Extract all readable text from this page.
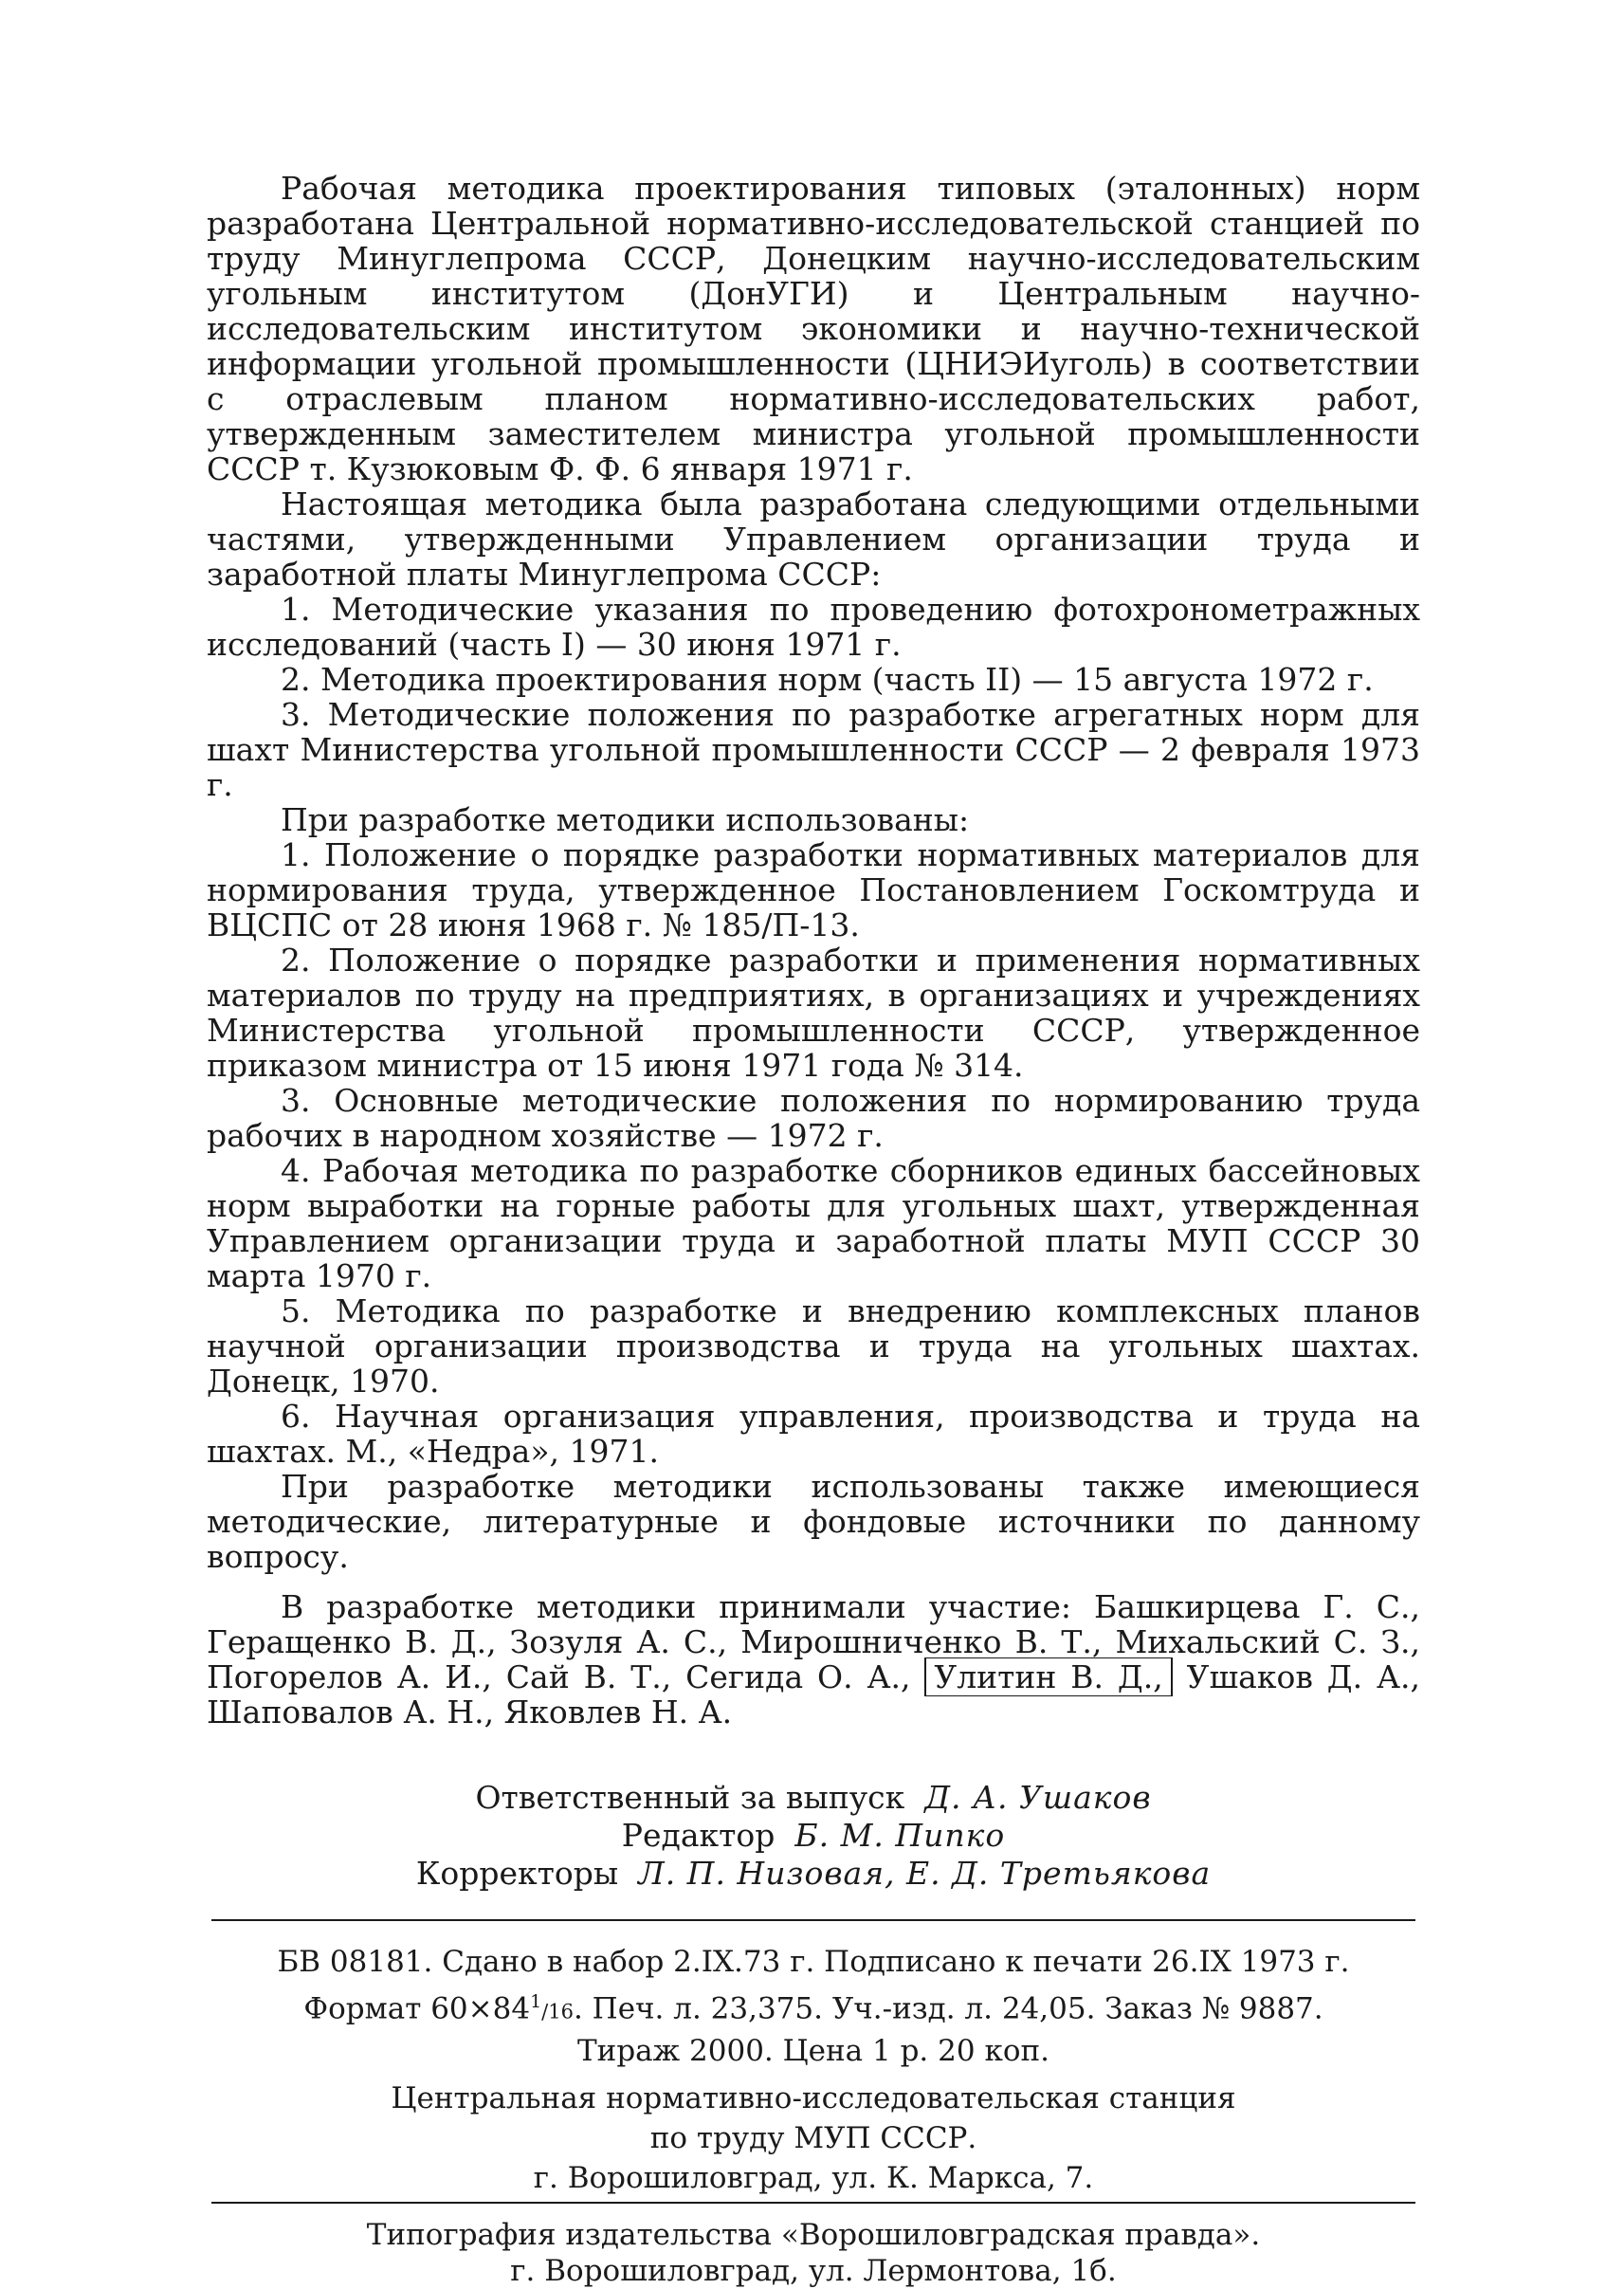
Рабочая методика проектирования типовых (эталонных) норм разработана Центральной нормативно-исследовательской станцией по труду Минуглепрома СССР, Донецким научно-исследовательским угольным институтом (ДонУГИ) и Центральным научно-исследовательским институтом экономики и научно-технической информации угольной промышленности (ЦНИЭИуголь) в соответствии с отраслевым планом нормативно-исследовательских работ, утвержденным заместителем министра угольной промышленности СССР т. Кузюковым Ф. Ф. 6 января 1971 г.

Настоящая методика была разработана следующими отдельными частями, утвержденными Управлением организации труда и заработной платы Минуглепрома СССР:

1. Методические указания по проведению фотохронометражных исследований (часть I) — 30 июня 1971 г.

2. Методика проектирования норм (часть II) — 15 августа 1972 г.

3. Методические положения по разработке агрегатных норм для шахт Министерства угольной промышленности СССР — 2 февраля 1973 г.

При разработке методики использованы:

1. Положение о порядке разработки нормативных материалов для нормирования труда, утвержденное Постановлением Госкомтруда и ВЦСПС от 28 июня 1968 г. № 185/П-13.

2. Положение о порядке разработки и применения нормативных материалов по труду на предприятиях, в организациях и учреждениях Министерства угольной промышленности СССР, утвержденное приказом министра от 15 июня 1971 года № 314.

3. Основные методические положения по нормированию труда рабочих в народном хозяйстве — 1972 г.

4. Рабочая методика по разработке сборников единых бассейновых норм выработки на горные работы для угольных шахт, утвержденная Управлением организации труда и заработной платы МУП СССР 30 марта 1970 г.

5. Методика по разработке и внедрению комплексных планов научной организации производства и труда на угольных шахтах. Донецк, 1970.

6. Научная организация управления, производства и труда на шахтах. М., «Недра», 1971.

При разработке методики использованы также имеющиеся методические, литературные и фондовые источники по данному вопросу.

В разработке методики принимали участие: Башкирцева Г. С., Геращенко В. Д., Зозуля А. С., Мирошниченко В. Т., Михальский С. З., Погорелов А. И., Сай В. Т., Сегида О. А., Улитин В. Д., Ушаков Д. А., Шаповалов А. Н., Яковлев Н. А.

Ответственный за выпуск Д. А. Ушаков
Редактор Б. М. Пипко
Корректоры Л. П. Низовая, Е. Д. Третьякова
БВ 08181. Сдано в набор 2.IX.73 г. Подписано к печати 26.IX 1973 г.
Формат $60\times 84^1/16$. Печ. л. 23,375. Уч.-изд. л. 24,05. Заказ № 9887.
Тираж 2000. Цена 1 р. 20 коп.
Центральная нормативно-исследовательская станция
по труду МУП СССР.
г. Ворошиловград, ул. К. Маркса, 7.
Типография издательства «Ворошиловградская правда».
г. Ворошиловград, ул. Лермонтова, 1б.
